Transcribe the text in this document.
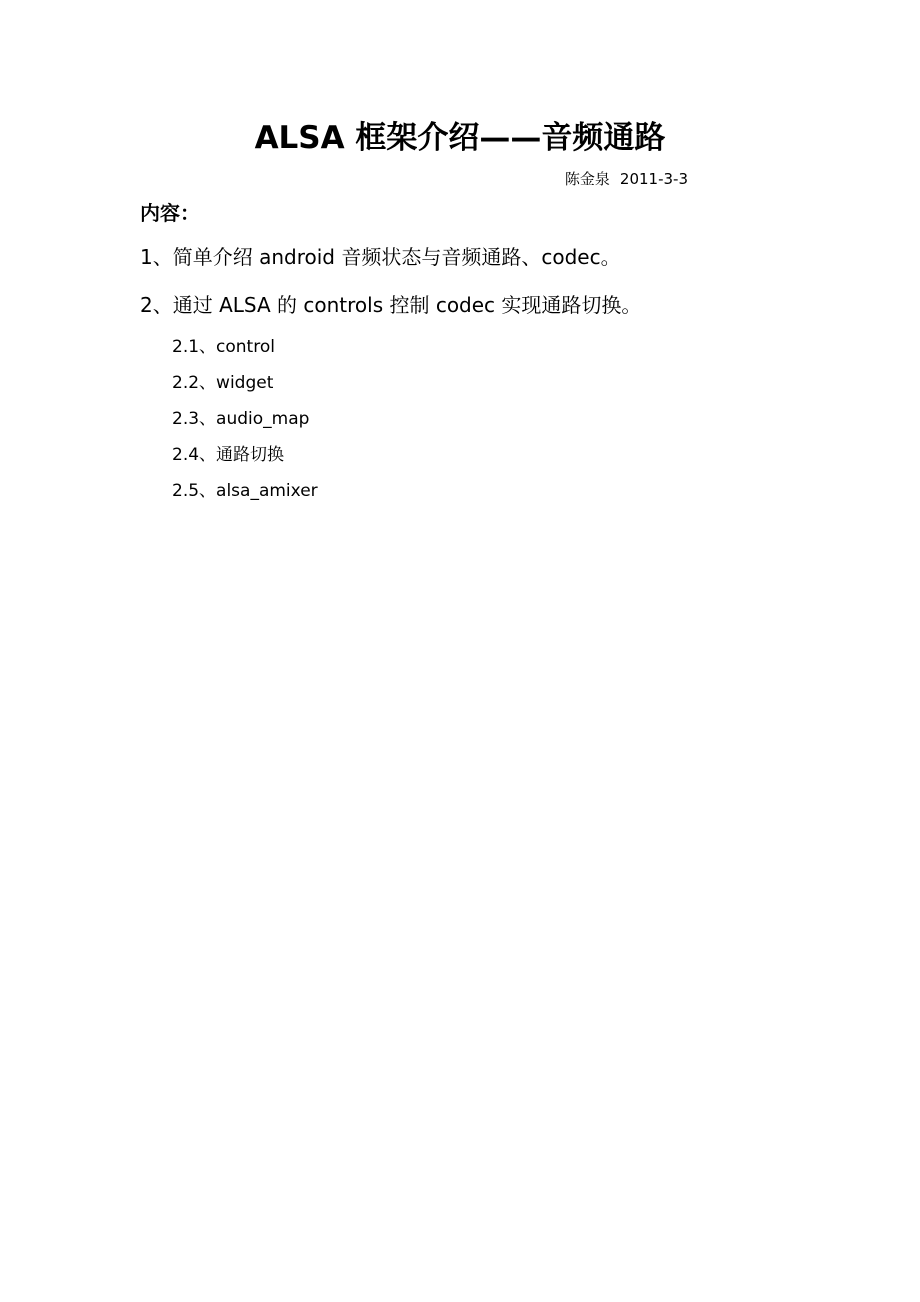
ALSA 框架介绍——音频通路
陈金泉 2011-3-3
内容：
1、简单介绍 android 音频状态与音频通路、codec。
2、通过 ALSA 的 controls 控制 codec 实现通路切换。
2.1、control
2.2、widget
2.3、audio_map
2.4、通路切换
2.5、alsa_amixer
